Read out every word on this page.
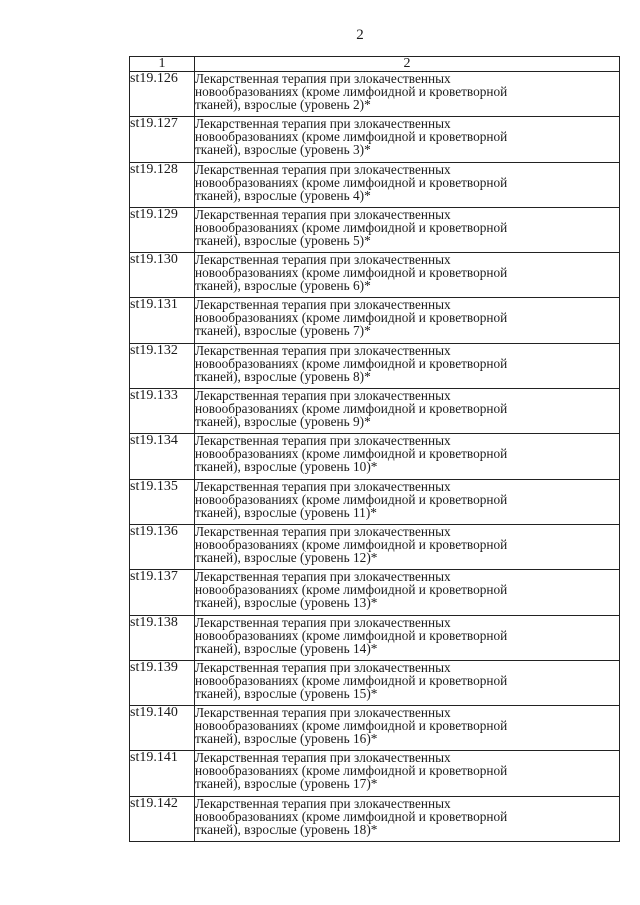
2
1	2
st19.126	Лекарственная терапия при злокачественных
новообразованиях (кроме лимфоидной и кроветворной
тканей), взрослые (уровень 2)*

st19.127	Лекарственная терапия при злокачественных
новообразованиях (кроме лимфоидной и кроветворной
тканей), взрослые (уровень 3)*

st19.128	Лекарственная терапия при злокачественных
новообразованиях (кроме лимфоидной и кроветворной
тканей), взрослые (уровень 4)*

st19.129	Лекарственная терапия при злокачественных
новообразованиях (кроме лимфоидной и кроветворной
тканей), взрослые (уровень 5)*

st19.130	Лекарственная терапия при злокачественных
новообразованиях (кроме лимфоидной и кроветворной
тканей), взрослые (уровень 6)*

st19.131	Лекарственная терапия при злокачественных
новообразованиях (кроме лимфоидной и кроветворной
тканей), взрослые (уровень 7)*

st19.132	Лекарственная терапия при злокачественных
новообразованиях (кроме лимфоидной и кроветворной
тканей), взрослые (уровень 8)*

st19.133	Лекарственная терапия при злокачественных
новообразованиях (кроме лимфоидной и кроветворной
тканей), взрослые (уровень 9)*

st19.134	Лекарственная терапия при злокачественных
новообразованиях (кроме лимфоидной и кроветворной
тканей), взрослые (уровень 10)*

st19.135	Лекарственная терапия при злокачественных
новообразованиях (кроме лимфоидной и кроветворной
тканей), взрослые (уровень 11)*

st19.136	Лекарственная терапия при злокачественных
новообразованиях (кроме лимфоидной и кроветворной
тканей), взрослые (уровень 12)*

st19.137	Лекарственная терапия при злокачественных
новообразованиях (кроме лимфоидной и кроветворной
тканей), взрослые (уровень 13)*

st19.138	Лекарственная терапия при злокачественных
новообразованиях (кроме лимфоидной и кроветворной
тканей), взрослые (уровень 14)*

st19.139	Лекарственная терапия при злокачественных
новообразованиях (кроме лимфоидной и кроветворной
тканей), взрослые (уровень 15)*

st19.140	Лекарственная терапия при злокачественных
новообразованиях (кроме лимфоидной и кроветворной
тканей), взрослые (уровень 16)*

st19.141	Лекарственная терапия при злокачественных
новообразованиях (кроме лимфоидной и кроветворной
тканей), взрослые (уровень 17)*

st19.142	Лекарственная терапия при злокачественных
новообразованиях (кроме лимфоидной и кроветворной
тканей), взрослые (уровень 18)*
